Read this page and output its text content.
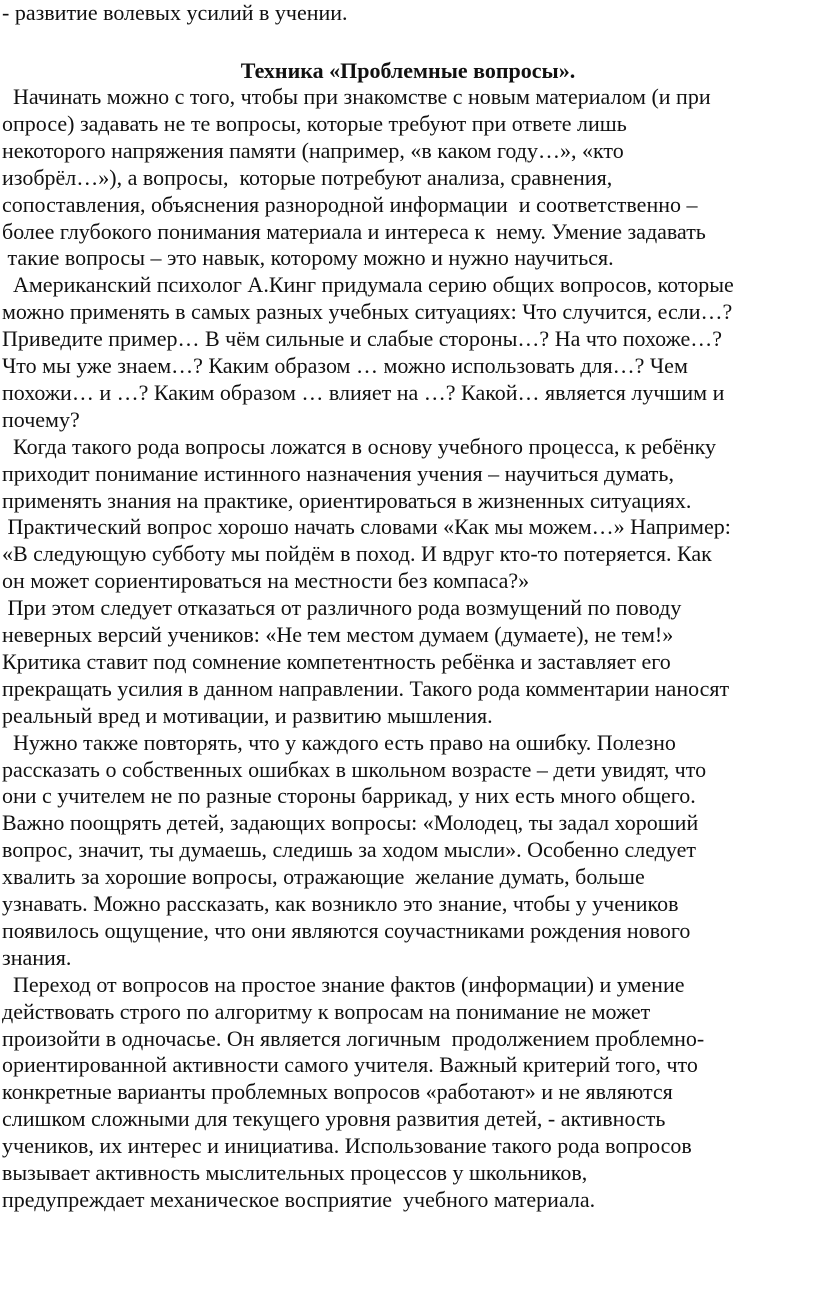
- развитие волевых усилий в учении.
Техника «Проблемные вопросы».
Начинать можно с того, чтобы при знакомстве с новым материалом (и при
опросе) задавать не те вопросы, которые требуют при ответе лишь
некоторого напряжения памяти (например, «в каком году…», «кто
изобрёл…»), а вопросы,  которые потребуют анализа, сравнения,
сопоставления, объяснения разнородной информации  и соответственно –
более глубокого понимания материала и интереса к  нему. Умение задавать
такие вопросы – это навык, которому можно и нужно научиться.
Американский психолог А.Кинг придумала серию общих вопросов, которые
можно применять в самых разных учебных ситуациях: Что случится, если…?
Приведите пример… В чём сильные и слабые стороны…? На что похоже…?
Что мы уже знаем…? Каким образом … можно использовать для…? Чем
похожи… и …? Каким образом … влияет на …? Какой… является лучшим и
почему?
Когда такого рода вопросы ложатся в основу учебного процесса, к ребёнку
приходит понимание истинного назначения учения – научиться думать,
применять знания на практике, ориентироваться в жизненных ситуациях.
Практический вопрос хорошо начать словами «Как мы можем…» Например:
«В следующую субботу мы пойдём в поход. И вдруг кто-то потеряется. Как
он может сориентироваться на местности без компаса?»
При этом следует отказаться от различного рода возмущений по поводу
неверных версий учеников: «Не тем местом думаем (думаете), не тем!»
Критика ставит под сомнение компетентность ребёнка и заставляет его
прекращать усилия в данном направлении. Такого рода комментарии наносят
реальный вред и мотивации, и развитию мышления.
Нужно также повторять, что у каждого есть право на ошибку. Полезно
рассказать о собственных ошибках в школьном возрасте – дети увидят, что
они с учителем не по разные стороны баррикад, у них есть много общего.
Важно поощрять детей, задающих вопросы: «Молодец, ты задал хороший
вопрос, значит, ты думаешь, следишь за ходом мысли». Особенно следует
хвалить за хорошие вопросы, отражающие  желание думать, больше
узнавать. Можно рассказать, как возникло это знание, чтобы у учеников
появилось ощущение, что они являются соучастниками рождения нового
знания.
Переход от вопросов на простое знание фактов (информации) и умение
действовать строго по алгоритму к вопросам на понимание не может
произойти в одночасье. Он является логичным  продолжением проблемно-
ориентированной активности самого учителя. Важный критерий того, что
конкретные варианты проблемных вопросов «работают» и не являются
слишком сложными для текущего уровня развития детей, - активность
учеников, их интерес и инициатива. Использование такого рода вопросов
вызывает активность мыслительных процессов у школьников,
предупреждает механическое восприятие  учебного материала.
